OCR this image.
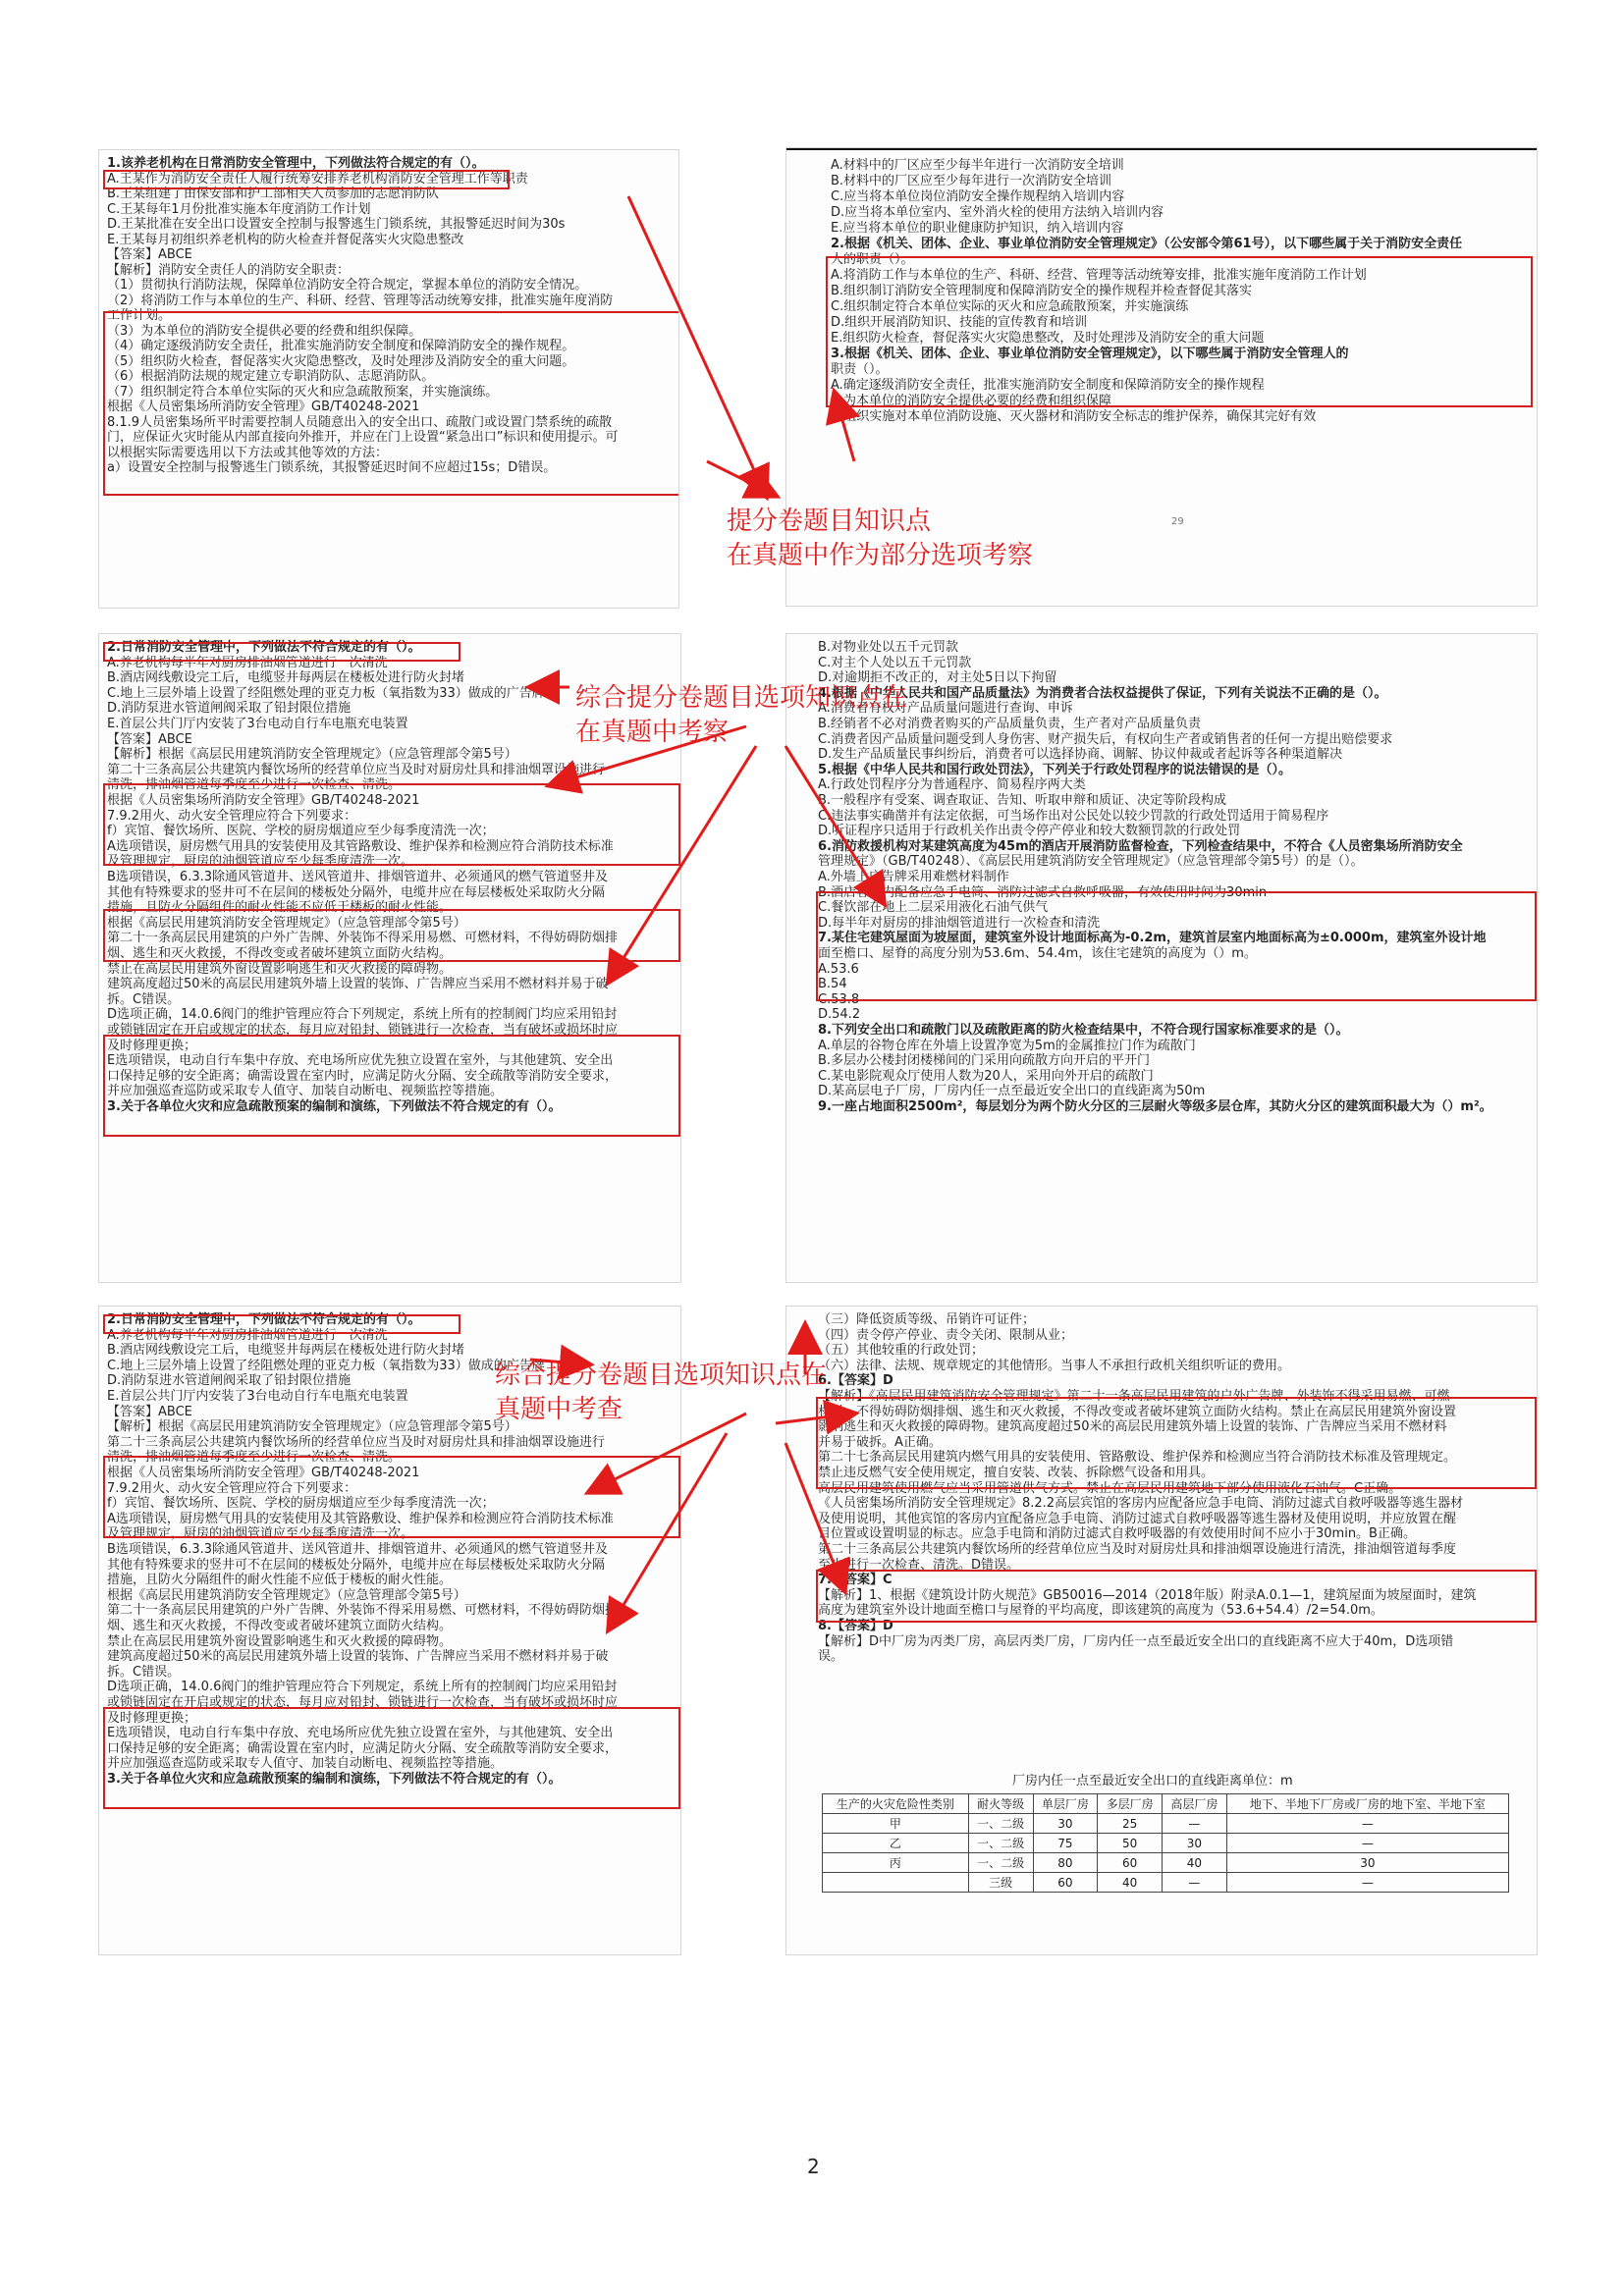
1.该养老机构在日常消防安全管理中，下列做法符合规定的有（）。
A.王某作为消防安全责任人履行统筹安排养老机构消防安全管理工作等职责
B.王某组建了由保安部和护工部相关人员参加的志愿消防队
C.王某每年1月份批准实施本年度消防工作计划
D.王某批准在安全出口设置安全控制与报警逃生门锁系统，其报警延迟时间为30s
E.王某每月初组织养老机构的防火检查并督促落实火灾隐患整改
【答案】ABCE
【解析】消防安全责任人的消防安全职责：
（1）贯彻执行消防法规，保障单位消防安全符合规定，掌握本单位的消防安全情况。
（2）将消防工作与本单位的生产、科研、经营、管理等活动统筹安排，批准实施年度消防
工作计划。
（3）为本单位的消防安全提供必要的经费和组织保障。
（4）确定逐级消防安全责任，批准实施消防安全制度和保障消防安全的操作规程。
（5）组织防火检查，督促落实火灾隐患整改，及时处理涉及消防安全的重大问题。
（6）根据消防法规的规定建立专职消防队、志愿消防队。
（7）组织制定符合本单位实际的灭火和应急疏散预案，并实施演练。
根据《人员密集场所消防安全管理》GB/T40248-2021
8.1.9人员密集场所平时需要控制人员随意出入的安全出口、疏散门或设置门禁系统的疏散
门，应保证火灾时能从内部直接向外推开，并应在门上设置“紧急出口”标识和使用提示。可
以根据实际需要选用以下方法或其他等效的方法：
a）设置安全控制与报警逃生门锁系统，其报警延迟时间不应超过15s；D错误。
A.材料中的厂区应至少每半年进行一次消防安全培训
B.材料中的厂区应至少每年进行一次消防安全培训
C.应当将本单位岗位消防安全操作规程纳入培训内容
D.应当将本单位室内、室外消火栓的使用方法纳入培训内容
E.应当将本单位的职业健康防护知识，纳入培训内容
2.根据《机关、团体、企业、事业单位消防安全管理规定》（公安部令第61号），以下哪些属于关于消防安全责任
人的职责（）。
A.将消防工作与本单位的生产、科研、经营、管理等活动统筹安排，批准实施年度消防工作计划
B.组织制订消防安全管理制度和保障消防安全的操作规程并检查督促其落实
C.组织制定符合本单位实际的灭火和应急疏散预案，并实施演练
D.组织开展消防知识、技能的宣传教育和培训
E.组织防火检查，督促落实火灾隐患整改，及时处理涉及消防安全的重大问题
3.根据《机关、团体、企业、事业单位消防安全管理规定》，以下哪些属于消防安全管理人的
职责（）。
A.确定逐级消防安全责任，批准实施消防安全制度和保障消防安全的操作规程
B.为本单位的消防安全提供必要的经费和组织保障
C.组织实施对本单位消防设施、灭火器材和消防安全标志的维护保养，确保其完好有效
29
2.日常消防安全管理中，下列做法不符合规定的有（）。
A.养老机构每半年对厨房排油烟管道进行一次清洗
B.酒店网线敷设完工后，电缆竖井每两层在楼板处进行防火封堵
C.地上三层外墙上设置了经阻燃处理的亚克力板（氧指数为33）做成的广告牌
D.消防泵进水管道闸阀采取了铅封限位措施
E.首层公共门厅内安装了3台电动自行车电瓶充电装置
【答案】ABCE
【解析】根据《高层民用建筑消防安全管理规定》（应急管理部令第5号）
第二十三条高层公共建筑内餐饮场所的经营单位应当及时对厨房灶具和排油烟罩设施进行
清洗，排油烟管道每季度至少进行一次检查、清洗。
根据《人员密集场所消防安全管理》GB/T40248-2021
7.9.2用火、动火安全管理应符合下列要求：
f）宾馆、餐饮场所、医院、学校的厨房烟道应至少每季度清洗一次；
A选项错误，厨房燃气用具的安装使用及其管路敷设、维护保养和检测应符合消防技术标准
及管理规定，厨房的油烟管道应至少每季度清洗一次。
B选项错误，6.3.3除通风管道井、送风管道井、排烟管道井、必须通风的燃气管道竖井及
其他有特殊要求的竖井可不在层间的楼板处分隔外，电缆井应在每层楼板处采取防火分隔
措施，且防火分隔组件的耐火性能不应低于楼板的耐火性能。
根据《高层民用建筑消防安全管理规定》（应急管理部令第5号）
第二十一条高层民用建筑的户外广告牌、外装饰不得采用易燃、可燃材料，不得妨碍防烟排
烟、逃生和灭火救援，不得改变或者破坏建筑立面防火结构。
禁止在高层民用建筑外窗设置影响逃生和灭火救援的障碍物。
建筑高度超过50米的高层民用建筑外墙上设置的装饰、广告牌应当采用不燃材料并易于破
拆。C错误。
D选项正确，14.0.6阀门的维护管理应符合下列规定，系统上所有的控制阀门均应采用铅封
或锁链固定在开启或规定的状态，每月应对铅封、锁链进行一次检查，当有破坏或损坏时应
及时修理更换；
E选项错误，电动自行车集中存放、充电场所应优先独立设置在室外，与其他建筑、安全出
口保持足够的安全距离；确需设置在室内时，应满足防火分隔、安全疏散等消防安全要求，
并应加强巡查巡防或采取专人值守、加装自动断电、视频监控等措施。
3.关于各单位火灾和应急疏散预案的编制和演练，下列做法不符合规定的有（）。
B.对物业处以五千元罚款
C.对主个人处以五千元罚款
D.对逾期拒不改正的，对主处5日以下拘留
4.根据《中华人民共和国产品质量法》为消费者合法权益提供了保证，下列有关说法不正确的是（）。
A.消费者有权对产品质量问题进行查询、申诉
B.经销者不必对消费者购买的产品质量负责，生产者对产品质量负责
C.消费者因产品质量问题受到人身伤害、财产损失后，有权向生产者或销售者的任何一方提出赔偿要求
D.发生产品质量民事纠纷后，消费者可以选择协商、调解、协议仲裁或者起诉等各种渠道解决
5.根据《中华人民共和国行政处罚法》，下列关于行政处罚程序的说法错误的是（）。
A.行政处罚程序分为普通程序、简易程序两大类
B.一般程序有受案、调查取证、告知、听取申辩和质证、决定等阶段构成
C.违法事实确凿并有法定依据，可当场作出对公民处以较少罚款的行政处罚适用于简易程序
D.听证程序只适用于行政机关作出责令停产停业和较大数额罚款的行政处罚
6.消防救援机构对某建筑高度为45m的酒店开展消防监督检查，下列检查结果中，不符合《人员密集场所消防安全
管理规定》（GB/T40248）、《高层民用建筑消防安全管理规定》（应急管理部令第5号）的是（）。
A.外墙上广告牌采用难燃材料制作
B.酒店客房内配备应急手电筒、消防过滤式自救呼吸器，有效使用时间为30min
C.餐饮部在地上二层采用液化石油气供气
D.每半年对厨房的排油烟管道进行一次检查和清洗
7.某住宅建筑屋面为坡屋面，建筑室外设计地面标高为-0.2m，建筑首层室内地面标高为±0.000m，建筑室外设计地
面至檐口、屋脊的高度分别为53.6m、54.4m，该住宅建筑的高度为（）m。
A.53.6
B.54
C.53.8
D.54.2
8.下列安全出口和疏散门以及疏散距离的防火检查结果中，不符合现行国家标准要求的是（）。
A.单层的谷物仓库在外墙上设置净宽为5m的金属推拉门作为疏散门
B.多层办公楼封闭楼梯间的门采用向疏散方向开启的平开门
C.某电影院观众厅使用人数为20人，采用向外开启的疏散门
D.某高层电子厂房，厂房内任一点至最近安全出口的直线距离为50m
9.一座占地面积2500m²，每层划分为两个防火分区的三层耐火等级多层仓库，其防火分区的建筑面积最大为（）m²。
2.日常消防安全管理中，下列做法不符合规定的有（）。
A.养老机构每半年对厨房排油烟管道进行一次清洗
B.酒店网线敷设完工后，电缆竖井每两层在楼板处进行防火封堵
C.地上三层外墙上设置了经阻燃处理的亚克力板（氧指数为33）做成的广告牌
D.消防泵进水管道闸阀采取了铅封限位措施
E.首层公共门厅内安装了3台电动自行车电瓶充电装置
【答案】ABCE
【解析】根据《高层民用建筑消防安全管理规定》（应急管理部令第5号）
第二十三条高层公共建筑内餐饮场所的经营单位应当及时对厨房灶具和排油烟罩设施进行
清洗，排油烟管道每季度至少进行一次检查、清洗。
根据《人员密集场所消防安全管理》GB/T40248-2021
7.9.2用火、动火安全管理应符合下列要求：
f）宾馆、餐饮场所、医院、学校的厨房烟道应至少每季度清洗一次；
A选项错误，厨房燃气用具的安装使用及其管路敷设、维护保养和检测应符合消防技术标准
及管理规定，厨房的油烟管道应至少每季度清洗一次。
B选项错误，6.3.3除通风管道井、送风管道井、排烟管道井、必须通风的燃气管道竖井及
其他有特殊要求的竖井可不在层间的楼板处分隔外，电缆井应在每层楼板处采取防火分隔
措施，且防火分隔组件的耐火性能不应低于楼板的耐火性能。
根据《高层民用建筑消防安全管理规定》（应急管理部令第5号）
第二十一条高层民用建筑的户外广告牌、外装饰不得采用易燃、可燃材料，不得妨碍防烟排
烟、逃生和灭火救援，不得改变或者破坏建筑立面防火结构。
禁止在高层民用建筑外窗设置影响逃生和灭火救援的障碍物。
建筑高度超过50米的高层民用建筑外墙上设置的装饰、广告牌应当采用不燃材料并易于破
拆。C错误。
D选项正确，14.0.6阀门的维护管理应符合下列规定，系统上所有的控制阀门均应采用铅封
或锁链固定在开启或规定的状态，每月应对铅封、锁链进行一次检查，当有破坏或损坏时应
及时修理更换；
E选项错误，电动自行车集中存放、充电场所应优先独立设置在室外，与其他建筑、安全出
口保持足够的安全距离；确需设置在室内时，应满足防火分隔、安全疏散等消防安全要求，
并应加强巡查巡防或采取专人值守、加装自动断电、视频监控等措施。
3.关于各单位火灾和应急疏散预案的编制和演练，下列做法不符合规定的有（）。
（三）降低资质等级、吊销许可证件；
（四）责令停产停业、责令关闭、限制从业；
（五）其他较重的行政处罚；
（六）法律、法规、规章规定的其他情形。当事人不承担行政机关组织听证的费用。
6.【答案】D
【解析】《高层民用建筑消防安全管理规定》第二十一条高层民用建筑的户外广告牌、外装饰不得采用易燃、可燃
材料，不得妨碍防烟排烟、逃生和灭火救援，不得改变或者破坏建筑立面防火结构。禁止在高层民用建筑外窗设置
影响逃生和灭火救援的障碍物。建筑高度超过50米的高层民用建筑外墙上设置的装饰、广告牌应当采用不燃材料
并易于破拆。A正确。
第二十七条高层民用建筑内燃气用具的安装使用、管路敷设、维护保养和检测应当符合消防技术标准及管理规定。
禁止违反燃气安全使用规定，擅自安装、改装、拆除燃气设备和用具。
高层民用建筑使用燃气应当采用管道供气方式。禁止在高层民用建筑地下部分使用液化石油气。C正确。
《人员密集场所消防安全管理规定》8.2.2高层宾馆的客房内应配备应急手电筒、消防过滤式自救呼吸器等逃生器材
及使用说明，其他宾馆的客房内宜配备应急手电筒、消防过滤式自救呼吸器等逃生器材及使用说明，并应放置在醒
目位置或设置明显的标志。应急手电筒和消防过滤式自救呼吸器的有效使用时间不应小于30min。B正确。
第二十三条高层公共建筑内餐饮场所的经营单位应当及时对厨房灶具和排油烟罩设施进行清洗，排油烟管道每季度
至少进行一次检查、清洗。D错误。
7.【答案】C
【解析】1、根据《建筑设计防火规范》GB50016—2014（2018年版）附录A.0.1—1，建筑屋面为坡屋面时，建筑
高度为建筑室外设计地面至檐口与屋脊的平均高度，即该建筑的高度为（53.6+54.4）/2=54.0m。
8.【答案】D
【解析】D中厂房为丙类厂房，高层丙类厂房，厂房内任一点至最近安全出口的直线距离不应大于40m，D选项错
误。
厂房内任一点至最近安全出口的直线距离单位：m
生产的火灾危险性类别	耐火等级	单层厂房	多层厂房	高层厂房	地下、半地下厂房或厂房的地下室、半地下室
甲	一、二级	30	25	—	—
乙	一、二级	75	50	30	—
丙	一、二级	80	60	40	30
	三级	60	40	—	—
提分卷题目知识点
在真题中作为部分选项考察
综合提分卷题目选项知识点在
在真题中考察
综合提分卷题目选项知识点在
真题中考查
2
